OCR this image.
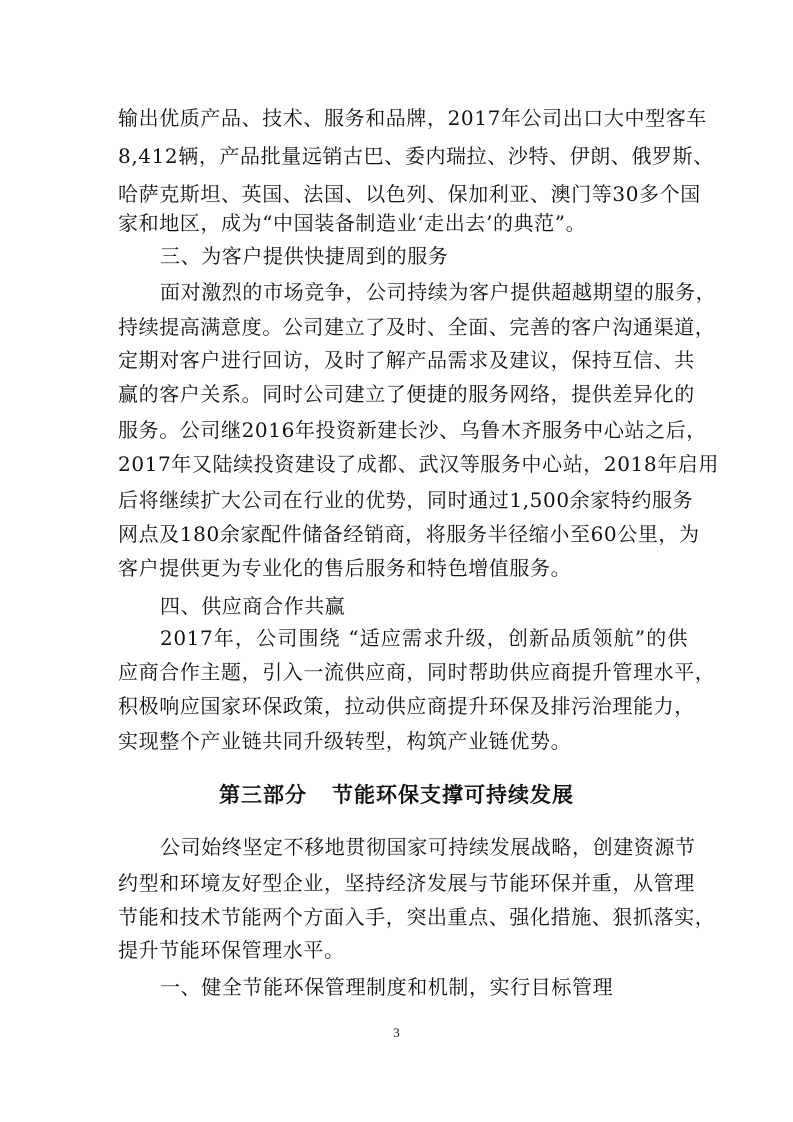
输出优质产品、技术、服务和品牌，2017年公司出口大中型客车
8,412辆，产品批量远销古巴、委内瑞拉、沙特、伊朗、俄罗斯、
哈萨克斯坦、英国、法国、以色列、保加利亚、澳门等30多个国
家和地区，成为“中国装备制造业‘走出去’的典范”。
三、为客户提供快捷周到的服务
面对激烈的市场竞争，公司持续为客户提供超越期望的服务，
持续提高满意度。公司建立了及时、全面、完善的客户沟通渠道，
定期对客户进行回访，及时了解产品需求及建议，保持互信、共
赢的客户关系。同时公司建立了便捷的服务网络，提供差异化的
服务。公司继2016年投资新建长沙、乌鲁木齐服务中心站之后，
2017年又陆续投资建设了成都、武汉等服务中心站，2018年启用
后将继续扩大公司在行业的优势，同时通过1,500余家特约服务
网点及180余家配件储备经销商，将服务半径缩小至60公里，为
客户提供更为专业化的售后服务和特色增值服务。
四、供应商合作共赢
2017年，公司围绕 “适应需求升级，创新品质领航”的供
应商合作主题，引入一流供应商，同时帮助供应商提升管理水平，
积极响应国家环保政策，拉动供应商提升环保及排污治理能力，
实现整个产业链共同升级转型，构筑产业链优势。
第三部分   节能环保支撑可持续发展
公司始终坚定不移地贯彻国家可持续发展战略，创建资源节
约型和环境友好型企业，坚持经济发展与节能环保并重，从管理
节能和技术节能两个方面入手，突出重点、强化措施、狠抓落实，
提升节能环保管理水平。
一、健全节能环保管理制度和机制，实行目标管理
3
